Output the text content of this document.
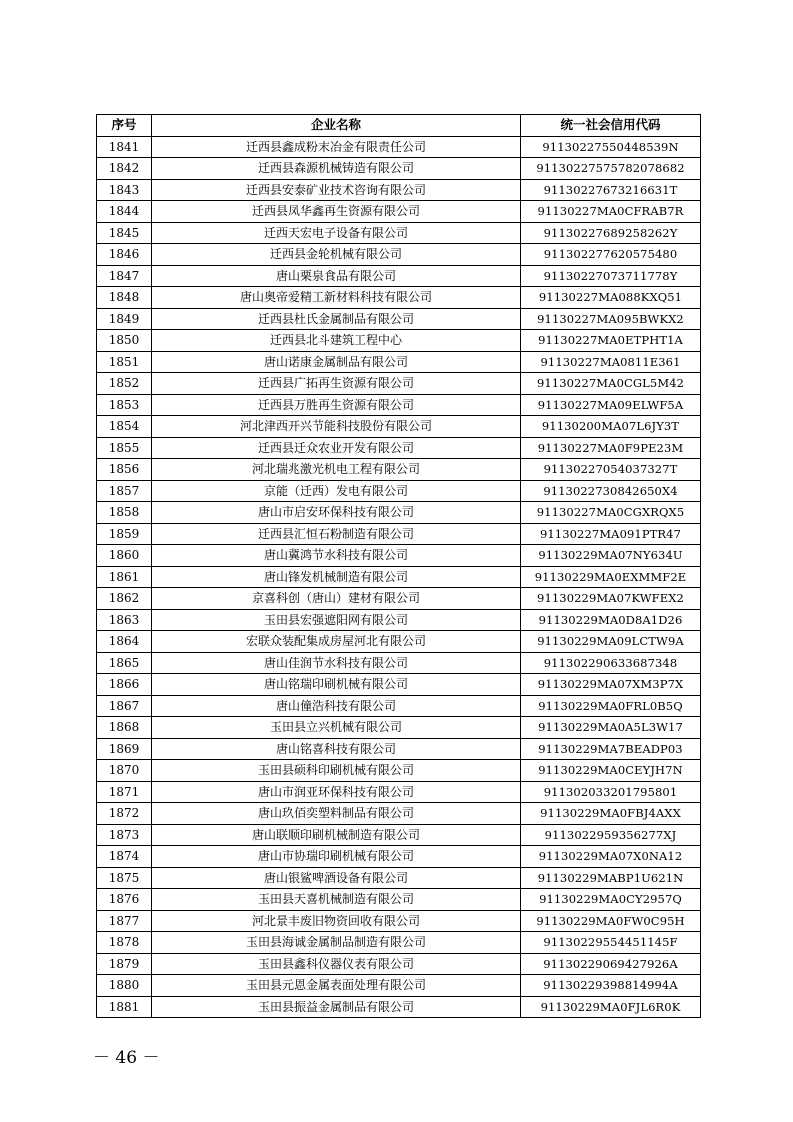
序号	企业名称	统一社会信用代码
1841	迁西县鑫成粉末冶金有限责任公司	91130227550448539N
1842	迁西县森源机械铸造有限公司	91130227575782078682
1843	迁西县安泰矿业技术咨询有限公司	91130227673216631T
1844	迁西县凤华鑫再生资源有限公司	91130227MA0CFRAB7R
1845	迁西天宏电子设备有限公司	91130227689258262Y
1846	迁西县金轮机械有限公司	911302277620575480
1847	唐山栗泉食品有限公司	91130227073711778Y
1848	唐山奥帝爱精工新材料科技有限公司	91130227MA088KXQ51
1849	迁西县杜氏金属制品有限公司	91130227MA095BWKX2
1850	迁西县北斗建筑工程中心	91130227MA0ETPHT1A
1851	唐山诺康金属制品有限公司	91130227MA0811E361
1852	迁西县广拓再生资源有限公司	91130227MA0CGL5M42
1853	迁西县万胜再生资源有限公司	91130227MA09ELWF5A
1854	河北津西开兴节能科技股份有限公司	91130200MA07L6JY3T
1855	迁西县迁众农业开发有限公司	91130227MA0F9PE23M
1856	河北瑞兆激光机电工程有限公司	91130227054037327T
1857	京能（迁西）发电有限公司	9113022730842650X4
1858	唐山市启安环保科技有限公司	91130227MA0CGXRQX5
1859	迁西县汇恒石粉制造有限公司	91130227MA091PTR47
1860	唐山冀鸿节水科技有限公司	91130229MA07NY634U
1861	唐山锋发机械制造有限公司	91130229MA0EXMMF2E
1862	京喜科创（唐山）建材有限公司	91130229MA07KWFEX2
1863	玉田县宏强遮阳网有限公司	91130229MA0D8A1D26
1864	宏联众装配集成房屋河北有限公司	91130229MA09LCTW9A
1865	唐山佳润节水科技有限公司	911302290633687348
1866	唐山铭瑞印刷机械有限公司	91130229MA07XM3P7X
1867	唐山僮浩科技有限公司	91130229MA0FRL0B5Q
1868	玉田县立兴机械有限公司	91130229MA0A5L3W17
1869	唐山铭喜科技有限公司	91130229MA7BEADP03
1870	玉田县硕科印刷机械有限公司	91130229MA0CEYJH7N
1871	唐山市润亚环保科技有限公司	911302033201795801
1872	唐山玖佰奕塑料制品有限公司	91130229MA0FBJ4AXX
1873	唐山联顺印刷机械制造有限公司	9113022959356277XJ
1874	唐山市协瑞印刷机械有限公司	91130229MA07X0NA12
1875	唐山银鲨啤酒设备有限公司	91130229MABP1U621N
1876	玉田县天喜机械制造有限公司	91130229MA0CY2957Q
1877	河北景丰废旧物资回收有限公司	91130229MA0FW0C95H
1878	玉田县海诚金属制品制造有限公司	91130229554451145F
1879	玉田县鑫科仪器仪表有限公司	91130229069427926A
1880	玉田县元恩金属表面处理有限公司	91130229398814994A
1881	玉田县振益金属制品有限公司	91130229MA0FJL6R0K
－ 46 －
